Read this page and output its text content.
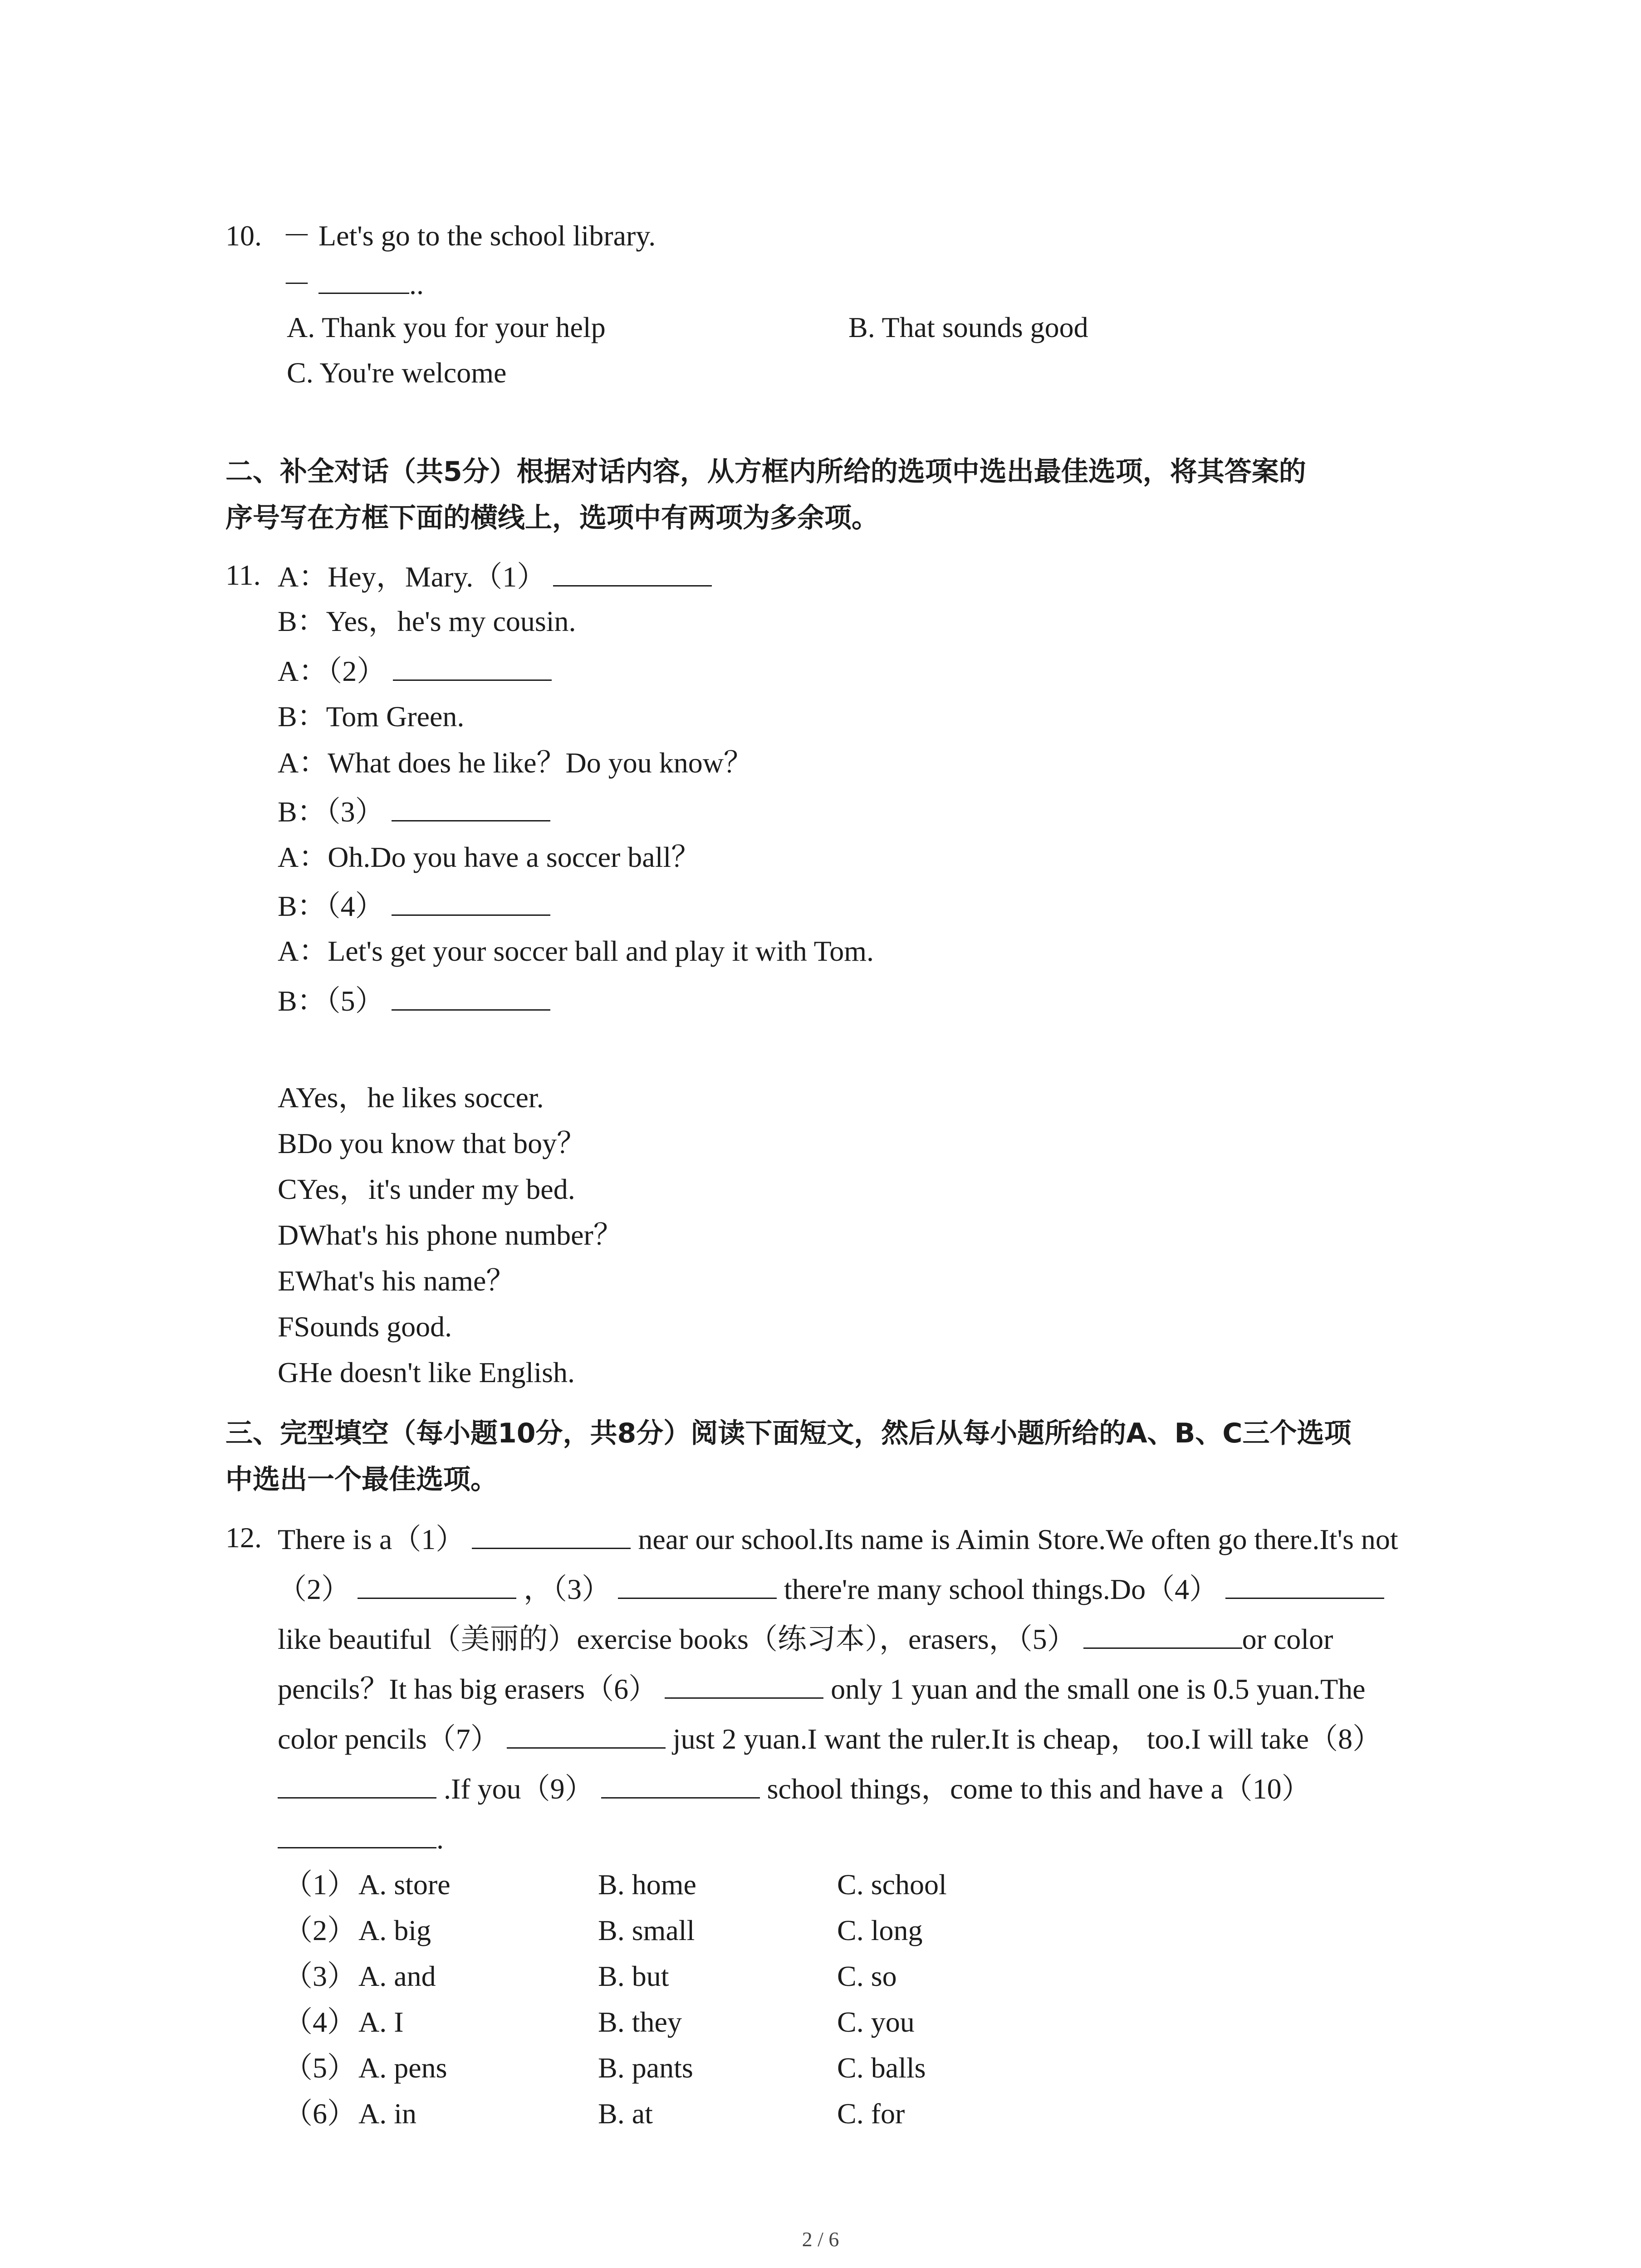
10. － Let's go to the school library.
－	..
A. Thank you for your help	B. That sounds good
C. You're welcome
二、补全对话（共5分）根据对话内容，从方框内所给的选项中选出最佳选项，将其答案的
序号写在方框下面的横线上，选项中有两项为多余项。
11. A：Hey，Mary.（1）
B：Yes，he's my cousin.
A：（2）
B：Tom Green.
A：What does he like？Do you know？
B：（3）
A：Oh.Do you have a soccer ball？
B：（4）
A：Let's get your soccer ball and play it with Tom.
B：（5）
AYes，he likes soccer.
BDo you know that boy？
CYes，it's under my bed.
DWhat's his phone number？
EWhat's his name？
FSounds good.
GHe doesn't like English.
三、完型填空（每小题10分，共8分）阅读下面短文，然后从每小题所给的A、B、C三个选项
中选出一个最佳选项。
12. There is a（1）	near our school.Its name is Aimin Store.We often go there.It's not
（2）	，（3）	there're many school things.Do（4）
like beautiful（美丽的）exercise books（练习本），erasers，（5）	or color
pencils？It has big erasers（6）	only 1 yuan and the small one is 0.5 yuan.The
color pencils（7）	just 2 yuan.I want the ruler.It is cheap， too.I will take（8）
.If you（9）	school things，come to this and have a（10）
.
（1） A. store	B. home	C. school
（2） A. big	B. small	C. long
（3） A. and	B. but	C. so
（4） A. I	B. they	C. you
（5） A. pens	B. pants	C. balls
（6） A. in	B. at	C. for
2 / 6
